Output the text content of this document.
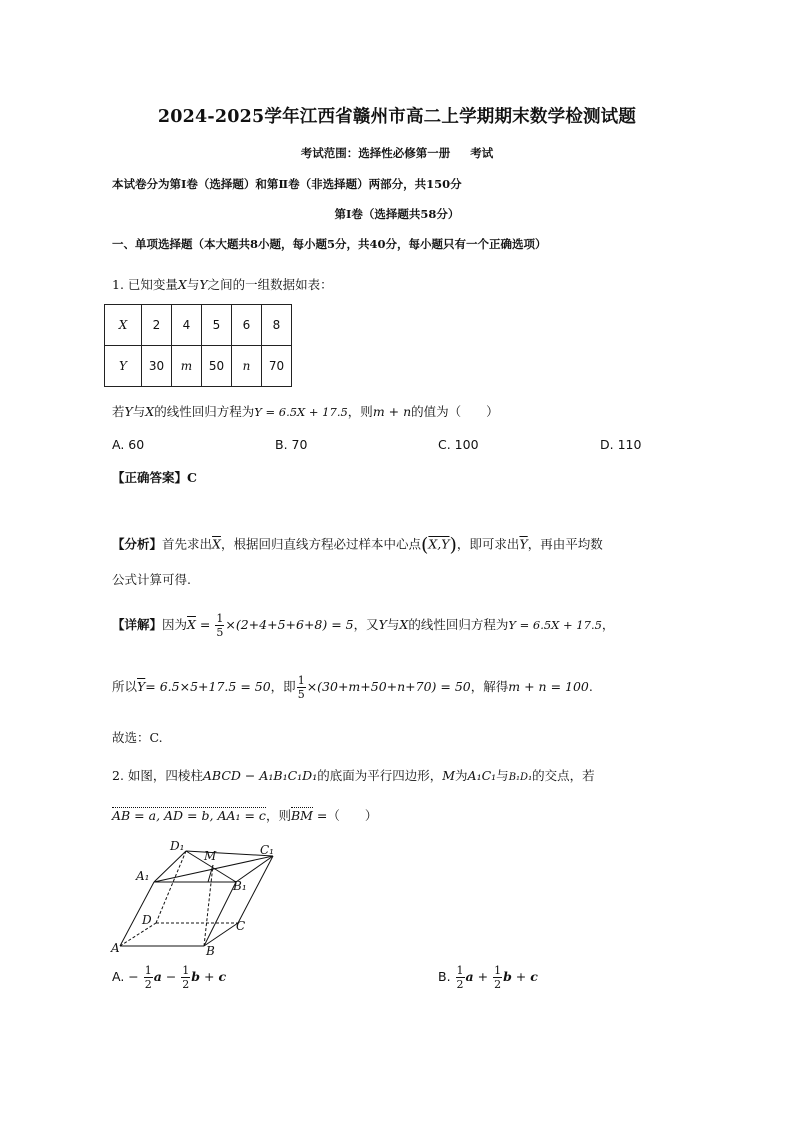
2024-2025学年江西省赣州市高二上学期期末数学检测试题
考试范围：选择性必修第一册 考试
本试卷分为第Ⅰ卷（选择题）和第Ⅱ卷（非选择题）两部分，共150分
第Ⅰ卷（选择题共58分）
一、单项选择题（本大题共8小题，每小题5分，共40分，每小题只有一个正确选项）
1. 已知变量X与Y之间的一组数据如表：
X	2	4	5	6	8
Y	30	m	50	n	70
若Y与X的线性回归方程为Y = 6.5X + 17.5，则m + n的值为（　　）
A. 60	B. 70	C. 100	D. 110
【正确答案】C
【分析】首先求出$\overline{X}$，根据回归直线方程必过样本中心点(X,Y)，即可求出$\overline{Y}$，再由平均数
公式计算可得.
【详解】因为$\overline{X} = \frac{1}{5} \times(2+4+5+6+8) = 5$，又Y与X的线性回归方程为Y = 6.5X + 17.5，
所以$\overline{Y}= 6.5\times 5+17.5 = 50$，即 $\frac{1}{5} \times(30+m+50+n+70) = 50$，解得m + n = 100.
故选：C.
2. 如图，四棱柱ABCD − A₁B₁C₁D₁的底面为平行四边形，M为A₁C₁与B₁D₁的交点，若
AB = a, AD = b, AA₁ = c，则BM =（　　）
D₁
M	C₁
A₁
B₁
D	C
A	B
A. − $\frac{1}{2}$ $a - \frac{1}{2}$ b + c	B. $\frac{1}{2}$ $a + \frac{1}{2}$ b + c
